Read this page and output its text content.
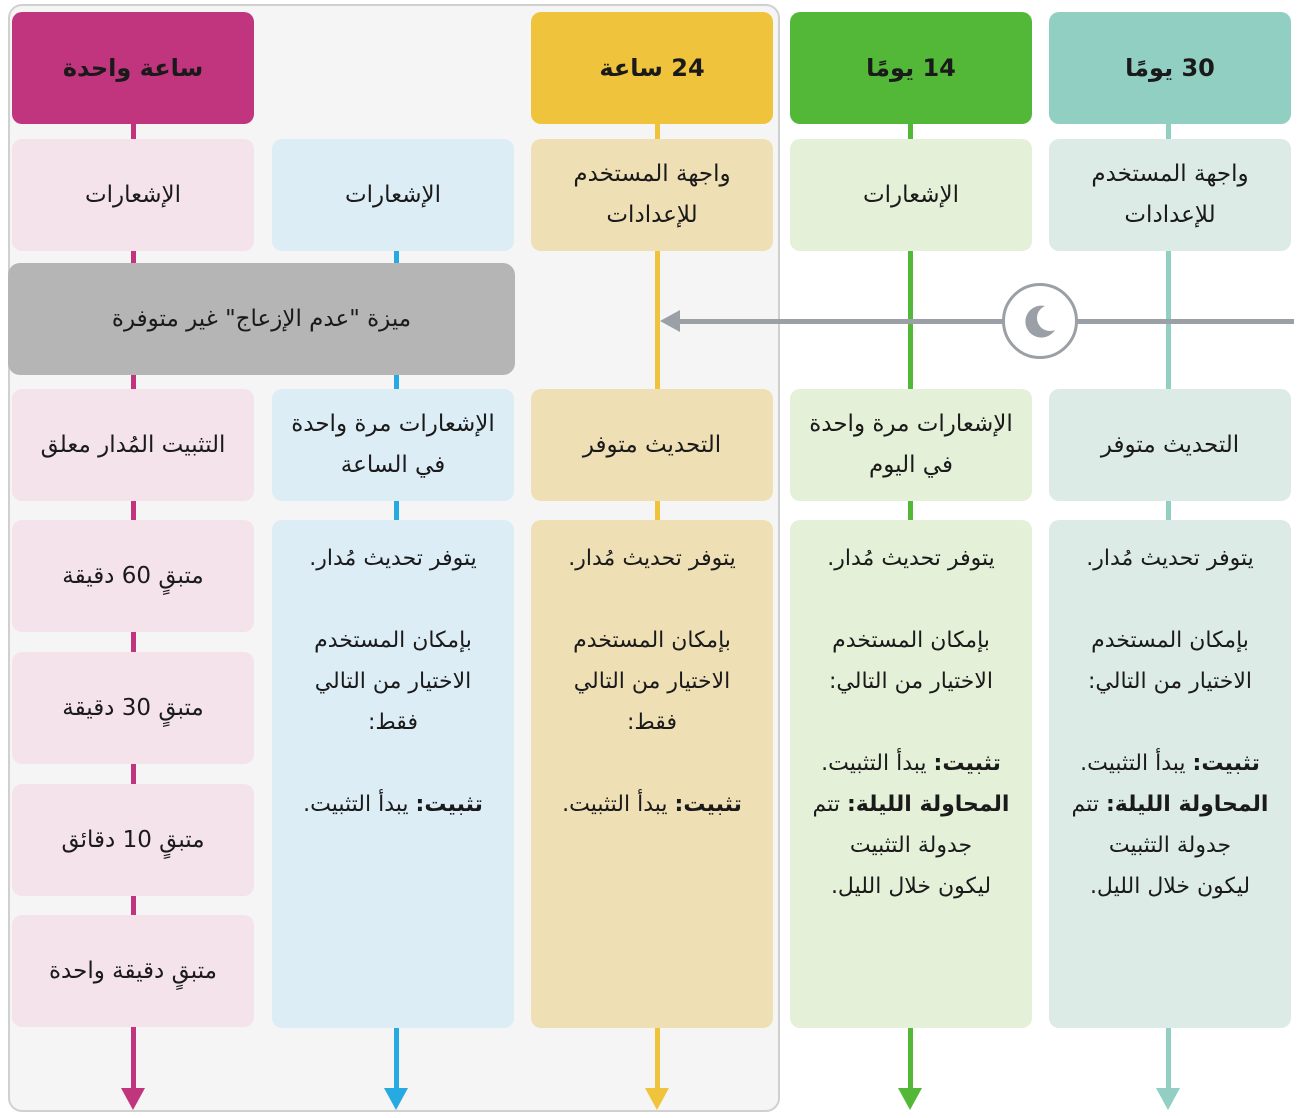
ساعة واحدة	24 ساعة	14 يومًا	30 يومًا
الإشعارات	الإشعارات
واجهة المستخدم
للإعدادات
الإشعارات
واجهة المستخدم
للإعدادات
ميزة "عدم الإزعاج" غير متوفرة
التثبيت المُدار معلق
الإشعارات مرة واحدة
في الساعة
التحديث متوفر
الإشعارات مرة واحدة
في اليوم
التحديث متوفر
متبقٍ 60 دقيقة
متبقٍ 30 دقيقة
متبقٍ 10 دقائق
متبقٍ دقيقة واحدة

يتوفر تحديث مُدار.

بإمكان المستخدم

الاختيار من التالي

فقط:

تثبيت: يبدأ التثبيت.

يتوفر تحديث مُدار.

بإمكان المستخدم

الاختيار من التالي

فقط:

تثبيت: يبدأ التثبيت.

يتوفر تحديث مُدار.

بإمكان المستخدم

الاختيار من التالي:

تثبيت: يبدأ التثبيت.

المحاولة الليلة: تتم

جدولة التثبيت

ليكون خلال الليل.

يتوفر تحديث مُدار.

بإمكان المستخدم

الاختيار من التالي:

تثبيت: يبدأ التثبيت.

المحاولة الليلة: تتم

جدولة التثبيت

ليكون خلال الليل.
